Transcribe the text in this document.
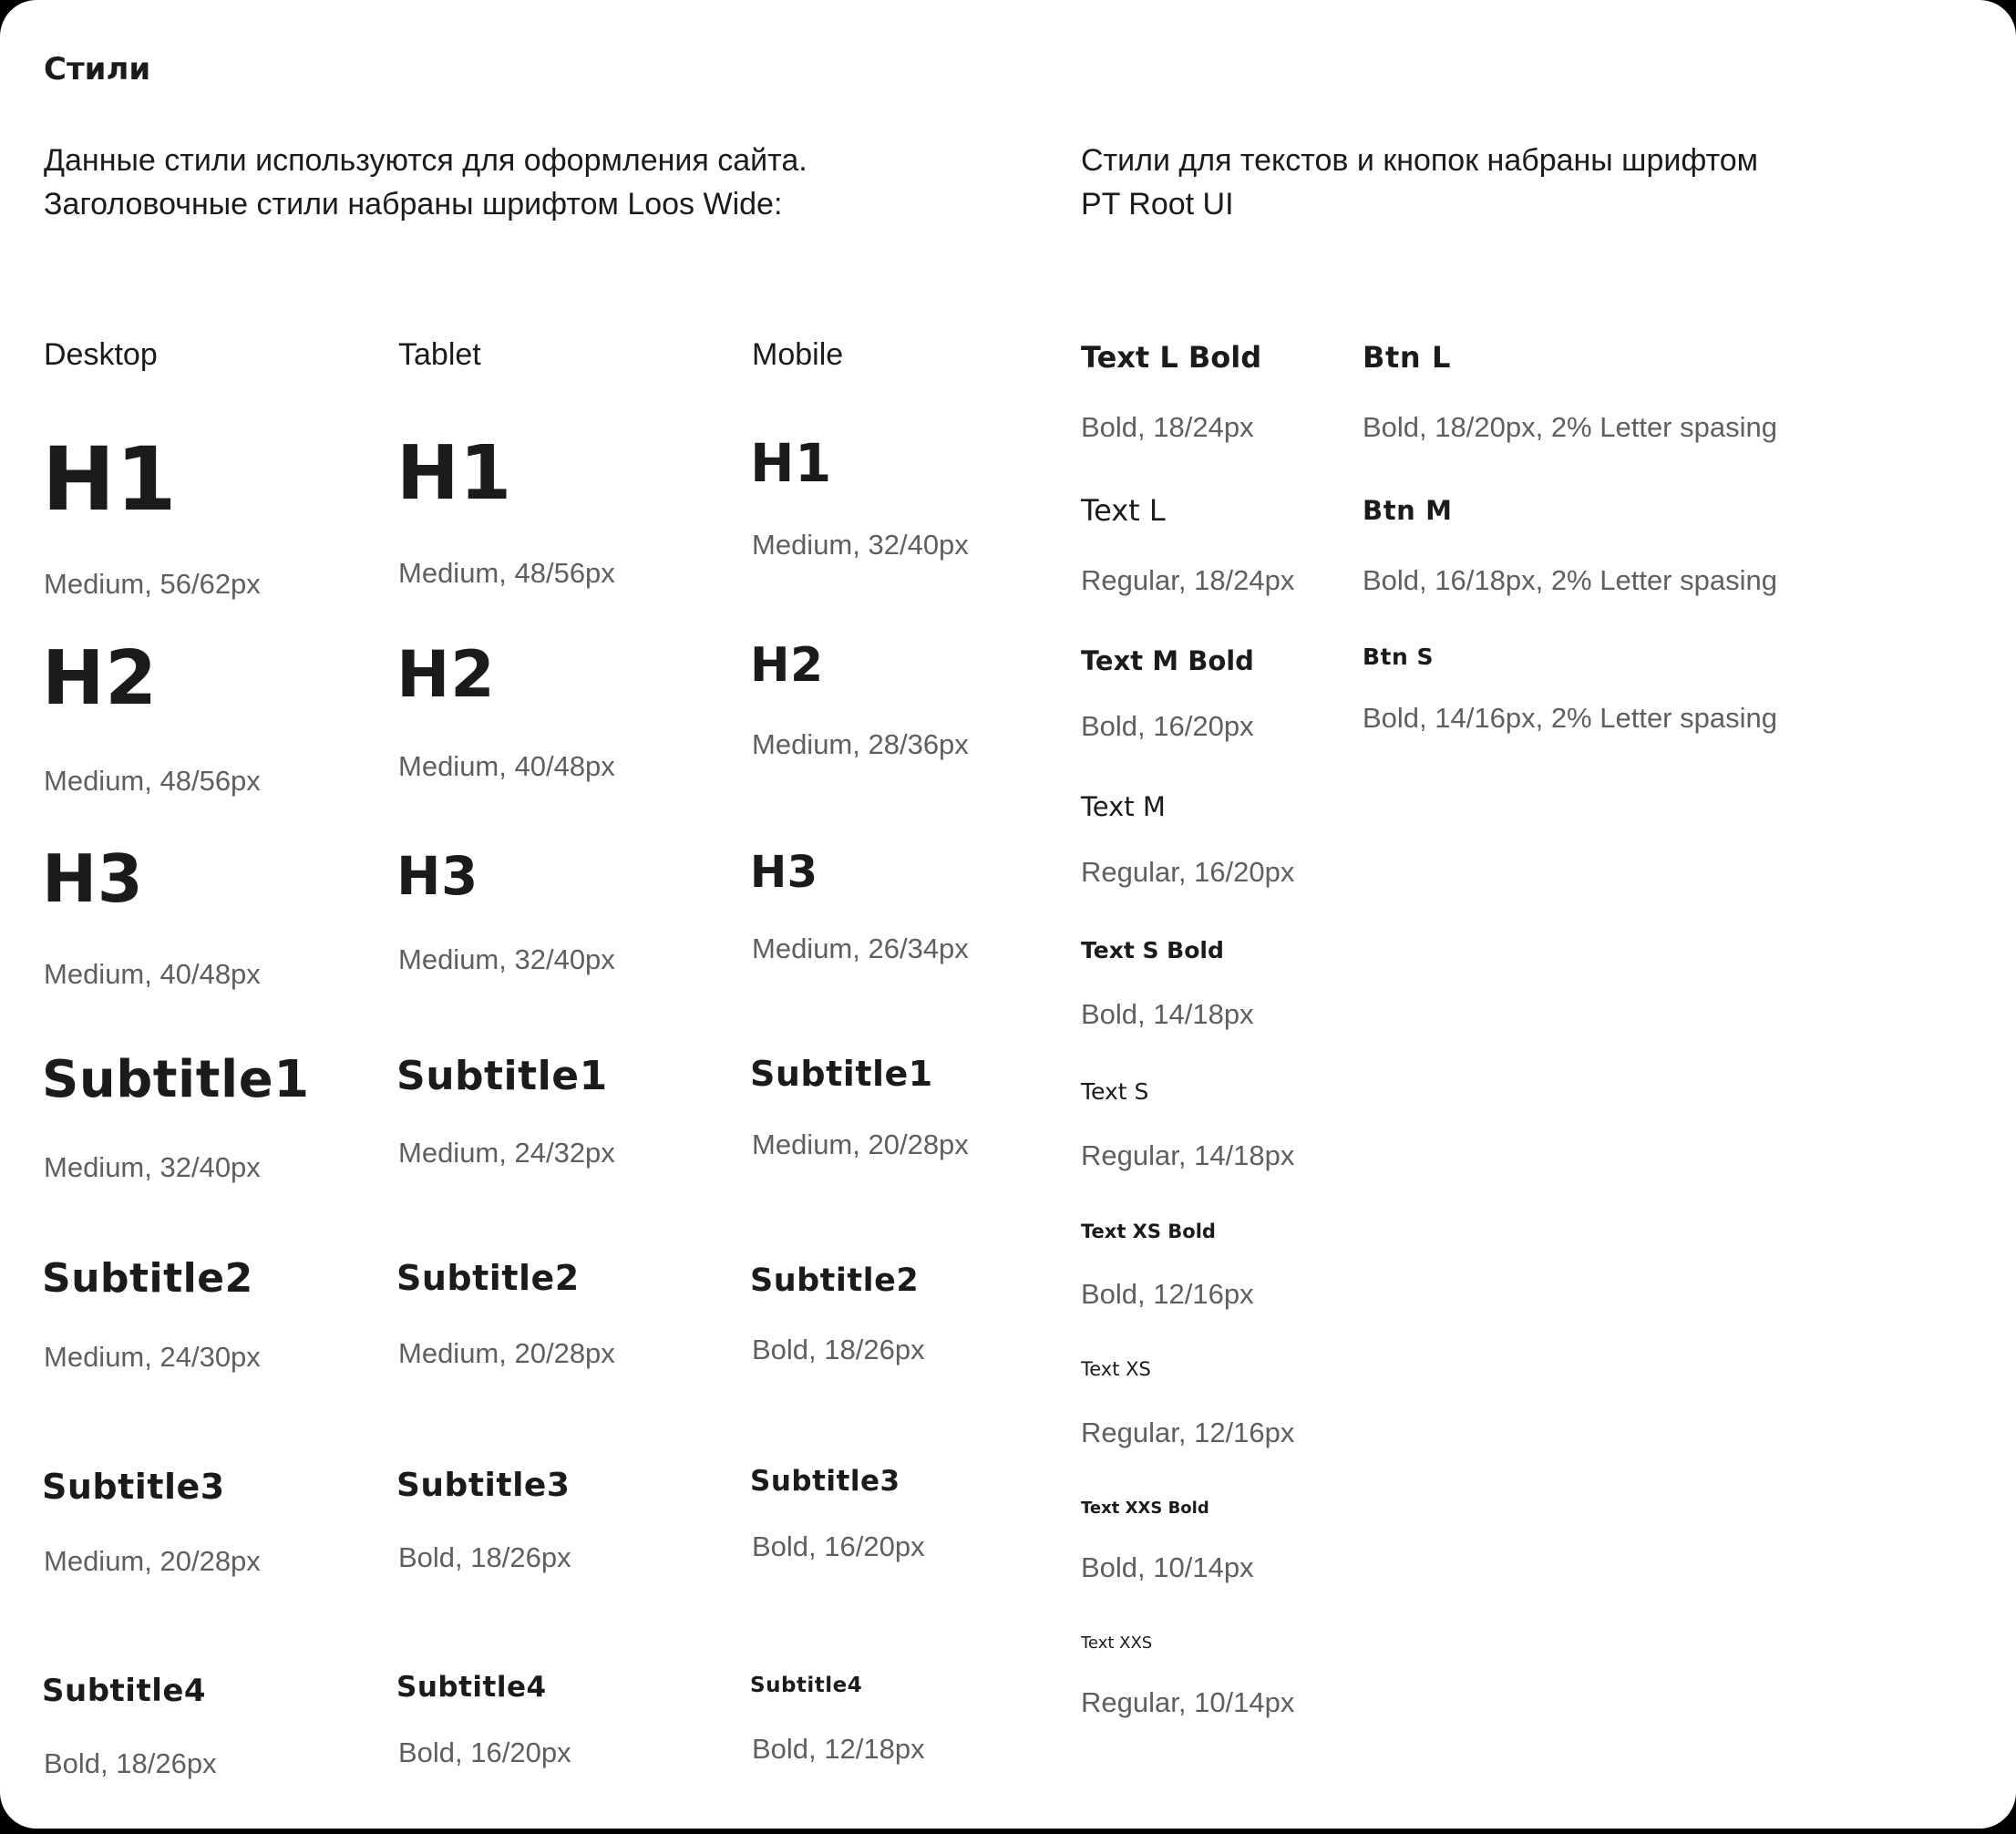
Стили
Данные стили используются для оформления сайта.
Заголовочные стили набраны шрифтом Loos Wide:
Стили для текстов и кнопок набраны шрифтом
PT Root UI
Desktop	Tablet	Mobile
H1
Medium, 56/62px
H2
Medium, 48/56px
H3
Medium, 40/48px
Subtitle1
Medium, 32/40px
Subtitle2
Medium, 24/30px
Subtitle3
Medium, 20/28px
Subtitle4
Bold, 18/26px
H1
Medium, 48/56px
H2
Medium, 40/48px
H3
Medium, 32/40px
Subtitle1
Medium, 24/32px
Subtitle2
Medium, 20/28px
Subtitle3
Bold, 18/26px
Subtitle4
Bold, 16/20px
H1
Medium, 32/40px
H2
Medium, 28/36px
H3
Medium, 26/34px
Subtitle1
Medium, 20/28px
Subtitle2
Bold, 18/26px
Subtitle3
Bold, 16/20px
Subtitle4
Bold, 12/18px
Text L Bold
Bold, 18/24px
Text L
Regular, 18/24px
Text M Bold
Bold, 16/20px
Text M
Regular, 16/20px
Text S Bold
Bold, 14/18px
Text S
Regular, 14/18px
Text XS Bold
Bold, 12/16px
Text XS
Regular, 12/16px
Text XXS Bold
Bold, 10/14px
Text XXS
Regular, 10/14px
Btn L
Bold, 18/20px, 2% Letter spasing
Btn M
Bold, 16/18px, 2% Letter spasing
Btn S
Bold, 14/16px, 2% Letter spasing
